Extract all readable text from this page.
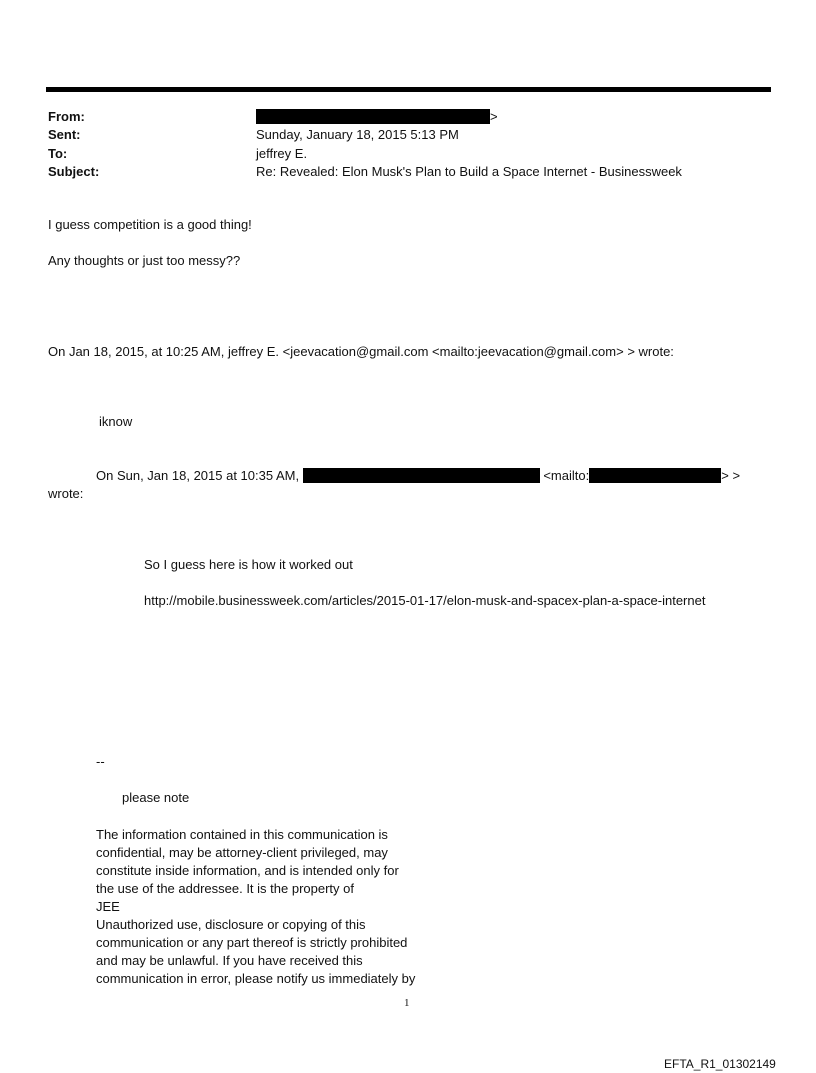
From:	>
Sent:	Sunday, January 18, 2015 5:13 PM
To:	jeffrey E.
Subject:	Re: Revealed: Elon Musk's Plan to Build a Space Internet - Businessweek
I guess competition is a good thing!
Any thoughts or just too messy??
On Jan 18, 2015, at 10:25 AM, jeffrey E. <jeevacation@gmail.com <mailto:jeevacation@gmail.com> > wrote:
iknow
On Sun, Jan 18, 2015 at 10:35 AM,	<mailto:	> >
wrote:
So I guess here is how it worked out
http://mobile.businessweek.com/articles/2015-01-17/elon-musk-and-spacex-plan-a-space-internet
--
please note
The information contained in this communication is
confidential, may be attorney-client privileged, may
constitute inside information, and is intended only for
the use of the addressee. It is the property of
JEE
Unauthorized use, disclosure or copying of this
communication or any part thereof is strictly prohibited
and may be unlawful. If you have received this
communication in error, please notify us immediately by
1
EFTA_R1_01302149
